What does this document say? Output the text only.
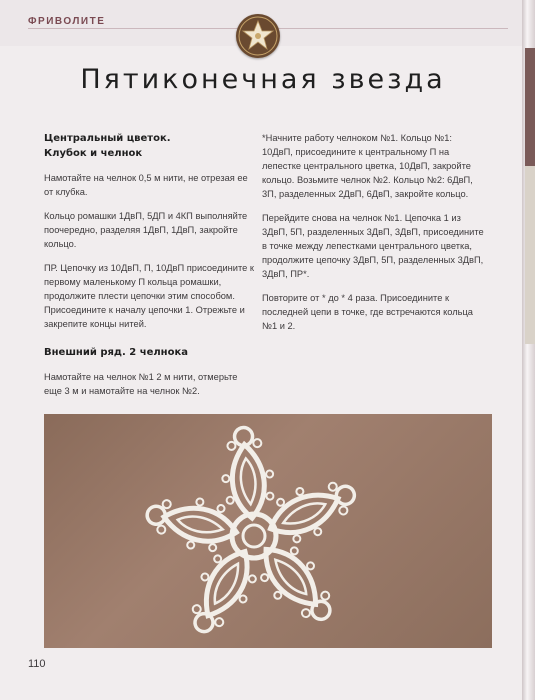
ФРИВОЛИТЕ
Пятиконечная звезда
Центральный цветок.
Клубок и челнок

Намотайте на челнок 0,5 м нити, не отрезая ее от клубка.

Кольцо ромашки 1ДвП, 5ДП и 4КП выполняйте поочередно, разделяя 1ДвП, 1ДвП, закройте кольцо.

ПР. Цепочку из 10ДвП, П, 10ДвП присоедините к первому маленькому П кольца ромашки, продолжите плести цепочки этим способом. Присоедините к началу цепочки 1. Отрежьте и закрепите концы нитей.

Внешний ряд. 2 челнока

Намотайте на челнок №1 2 м нити, отмерьте еще 3 м и намотайте на челнок №2.

*Начните работу челноком №1. Кольцо №1: 10ДвП, присоедините к центральному П на лепестке центрального цветка, 10ДвП, закройте кольцо. Возьмите челнок №2. Кольцо №2: 6ДвП, 3П, разделенных 2ДвП, 6ДвП, закройте кольцо.

Перейдите снова на челнок №1. Цепочка 1 из 3ДвП, 5П, разделенных 3ДвП, 3ДвП, присоедините в точке между лепестками центрального цветка, продолжите цепочку 3ДвП, 5П, разделенных 3ДвП, 3ДвП, ПР*.

Повторите от * до * 4 раза. Присоедините к последней цепи в точке, где встречаются кольца №1 и 2.

110
